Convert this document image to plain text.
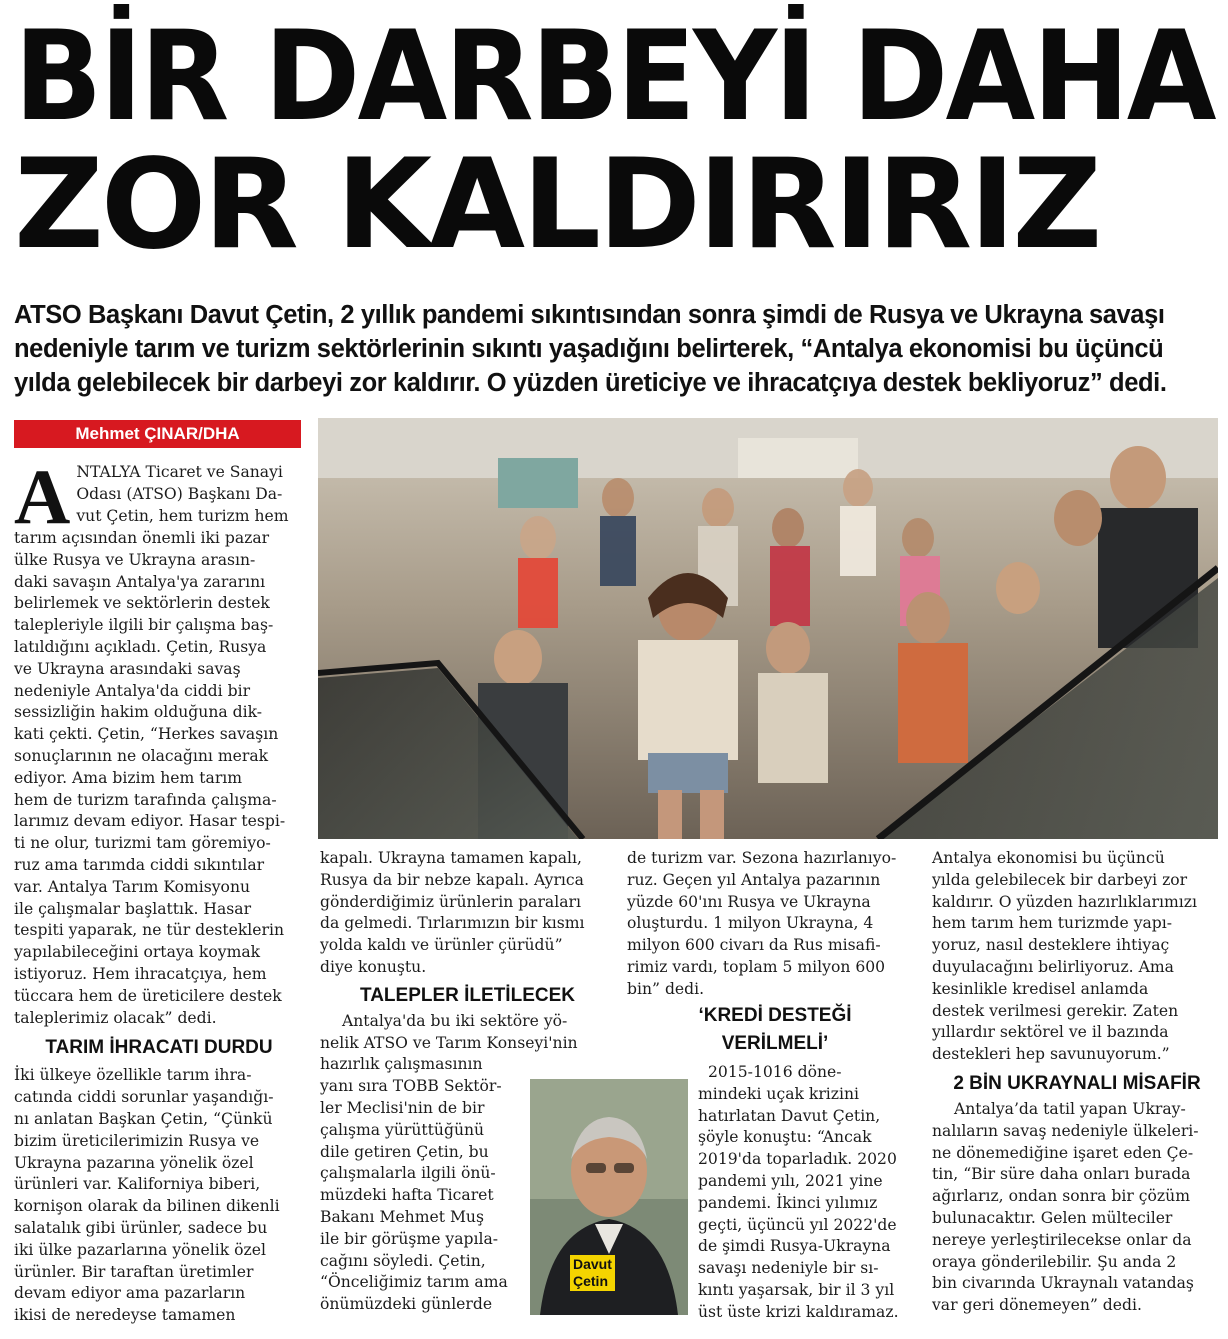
BİR DARBEYİ DAHA
ZOR KALDIRIRIZ
ATSO Başkanı Davut Çetin, 2 yıllık pandemi sıkıntısından sonra şimdi de Rusya ve Ukrayna savaşı
nedeniyle tarım ve turizm sektörlerinin sıkıntı yaşadığını belirterek, “Antalya ekonomisi bu üçüncü
yılda gelebilecek bir darbeyi zor kaldırır. O yüzden üreticiye ve ihracatçıya destek bekliyoruz” dedi.
Mehmet ÇINAR/DHA
A NTALYA Ticaret ve Sanayi
Odası (ATSO) Başkanı Da-
vut Çetin, hem turizm hem
tarım açısından önemli iki pazar
ülke Rusya ve Ukrayna arasın-
daki savaşın Antalya'ya zararını
belirlemek ve sektörlerin destek
talepleriyle ilgili bir çalışma baş-
latıldığını açıkladı. Çetin, Rusya
ve Ukrayna arasındaki savaş
nedeniyle Antalya'da ciddi bir
sessizliğin hakim olduğuna dik-
kati çekti. Çetin, “Herkes savaşın
sonuçlarının ne olacağını merak
ediyor. Ama bizim hem tarım
hem de turizm tarafında çalışma-
larımız devam ediyor. Hasar tespi-
ti ne olur, turizmi tam göremiyo-
ruz ama tarımda ciddi sıkıntılar
var. Antalya Tarım Komisyonu
ile çalışmalar başlattık. Hasar
tespiti yaparak, ne tür desteklerin
yapılabileceğini ortaya koymak
istiyoruz. Hem ihracatçıya, hem
tüccara hem de üreticilere destek
taleplerimiz olacak” dedi.
TARIM İHRACATI DURDU
İki ülkeye özellikle tarım ihra-
catında ciddi sorunlar yaşandığı-
nı anlatan Başkan Çetin, “Çünkü
bizim üreticilerimizin Rusya ve
Ukrayna pazarına yönelik özel
ürünleri var. Kaliforniya biberi,
kornişon olarak da bilinen dikenli
salatalık gibi ürünler, sadece bu
iki ülke pazarlarına yönelik özel
ürünler. Bir taraftan üretimler
devam ediyor ama pazarların
ikisi de neredeyse tamamen
kapalı. Ukrayna tamamen kapalı,
Rusya da bir nebze kapalı. Ayrıca
gönderdiğimiz ürünlerin paraları
da gelmedi. Tırlarımızın bir kısmı
yolda kaldı ve ürünler çürüdü”
diye konuştu.
TALEPLER İLETİLECEK
Antalya'da bu iki sektöre yö-
nelik ATSO ve Tarım Konseyi'nin
hazırlık çalışmasının
yanı sıra TOBB Sektör-
ler Meclisi'nin de bir
çalışma yürüttüğünü
dile getiren Çetin, bu
çalışmalarla ilgili önü-
müzdeki hafta Ticaret
Bakanı Mehmet Muş
ile bir görüşme yapıla-
cağını söyledi. Çetin,
“Önceliğimiz tarım ama
önümüzdeki günlerde
Davut
Çetin
de turizm var. Sezona hazırlanıyo-
ruz. Geçen yıl Antalya pazarının
yüzde 60'ını Rusya ve Ukrayna
oluşturdu. 1 milyon Ukrayna, 4
milyon 600 civarı da Rus misafi-
rimiz vardı, toplam 5 milyon 600
bin” dedi.
‘KREDİ DESTEĞİ
VERİLMELİ’
2015-1016 döne-
mindeki uçak krizini
hatırlatan Davut Çetin,
şöyle konuştu: “Ancak
2019'da toparladık. 2020
pandemi yılı, 2021 yine
pandemi. İkinci yılımız
geçti, üçüncü yıl 2022'de
de şimdi Rusya-Ukrayna
savaşı nedeniyle bir sı-
kıntı yaşarsak, bir il 3 yıl
üst üste krizi kaldıramaz.
Antalya ekonomisi bu üçüncü
yılda gelebilecek bir darbeyi zor
kaldırır. O yüzden hazırlıklarımızı
hem tarım hem turizmde yapı-
yoruz, nasıl desteklere ihtiyaç
duyulacağını belirliyoruz. Ama
kesinlikle kredisel anlamda
destek verilmesi gerekir. Zaten
yıllardır sektörel ve il bazında
destekleri hep savunuyorum.”
2 BİN UKRAYNALI MİSAFİR
Antalya’da tatil yapan Ukray-
nalıların savaş nedeniyle ülkeleri-
ne dönemediğine işaret eden Çe-
tin, “Bir süre daha onları burada
ağırlarız, ondan sonra bir çözüm
bulunacaktır. Gelen mülteciler
nereye yerleştirilecekse onlar da
oraya gönderilebilir. Şu anda 2
bin civarında Ukraynalı vatandaş
var geri dönemeyen” dedi.
